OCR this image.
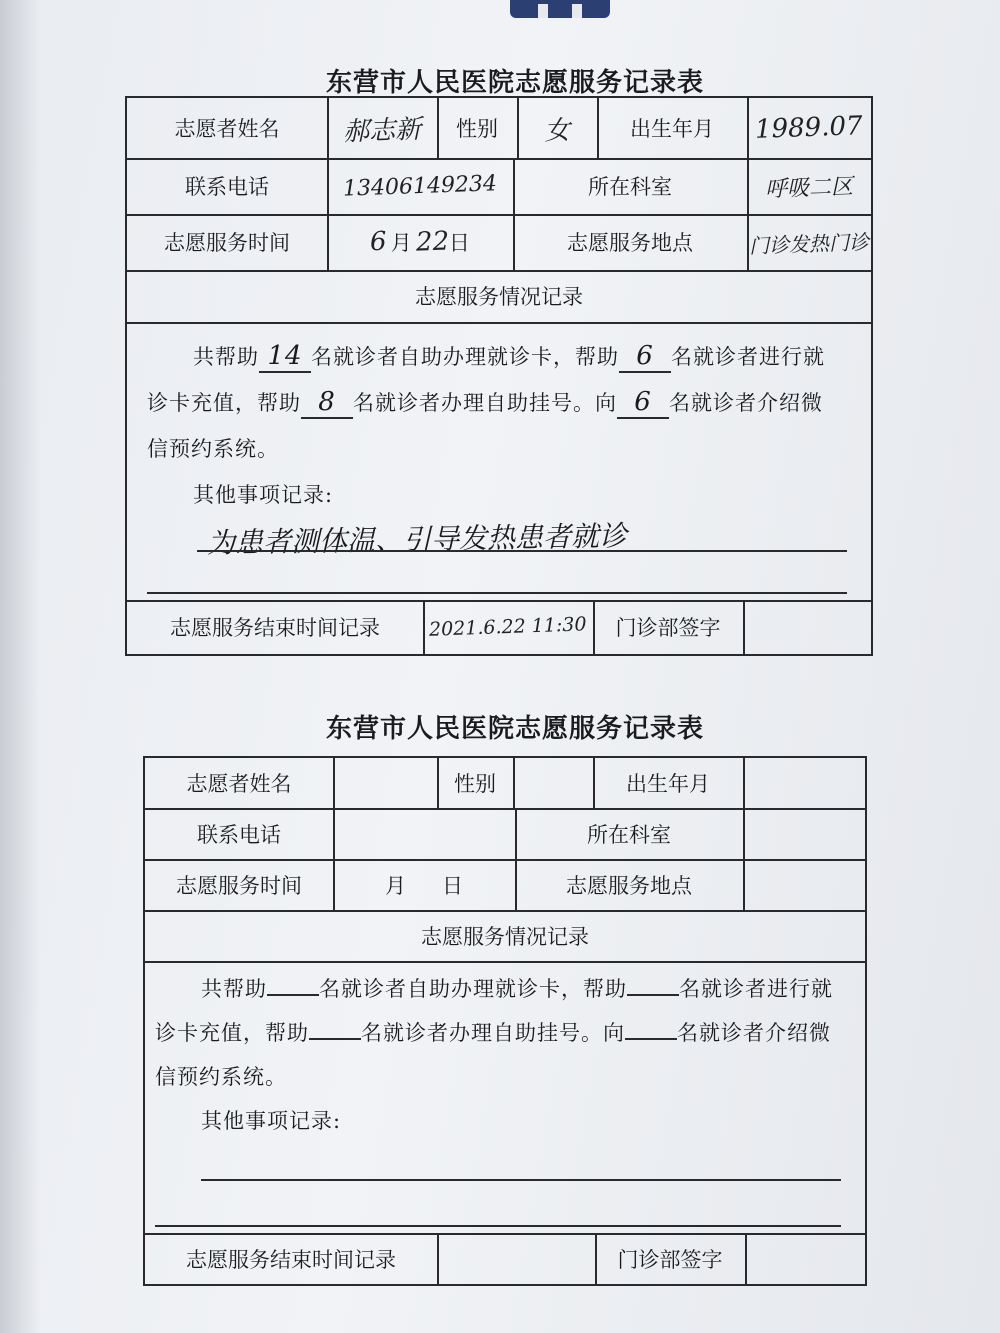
东营市人民医院志愿服务记录表
志愿者姓名	郝志新	性别	女	出生年月	1989.07
联系电话	13406149234	所在科室	呼吸二区
志愿服务时间	6 月 22 日	志愿服务地点	门诊发热门诊
志愿服务情况记录
共帮助 14 名就诊者自助办理就诊卡，帮助 6 名就诊者进行就
诊卡充值，帮助 8 名就诊者办理自助挂号。向 6 名就诊者介绍微
信预约系统。
其他事项记录:
为患者测体温、引导发热患者就诊
志愿服务结束时间记录	2021.6.22 11:30	门诊部签字
东营市人民医院志愿服务记录表
志愿者姓名	性别	出生年月
联系电话	所在科室
志愿服务时间	月 日	志愿服务地点
志愿服务情况记录
共帮助 名就诊者自助办理就诊卡，帮助 名就诊者进行就
诊卡充值，帮助 名就诊者办理自助挂号。向 名就诊者介绍微
信预约系统。
其他事项记录:
志愿服务结束时间记录	门诊部签字
